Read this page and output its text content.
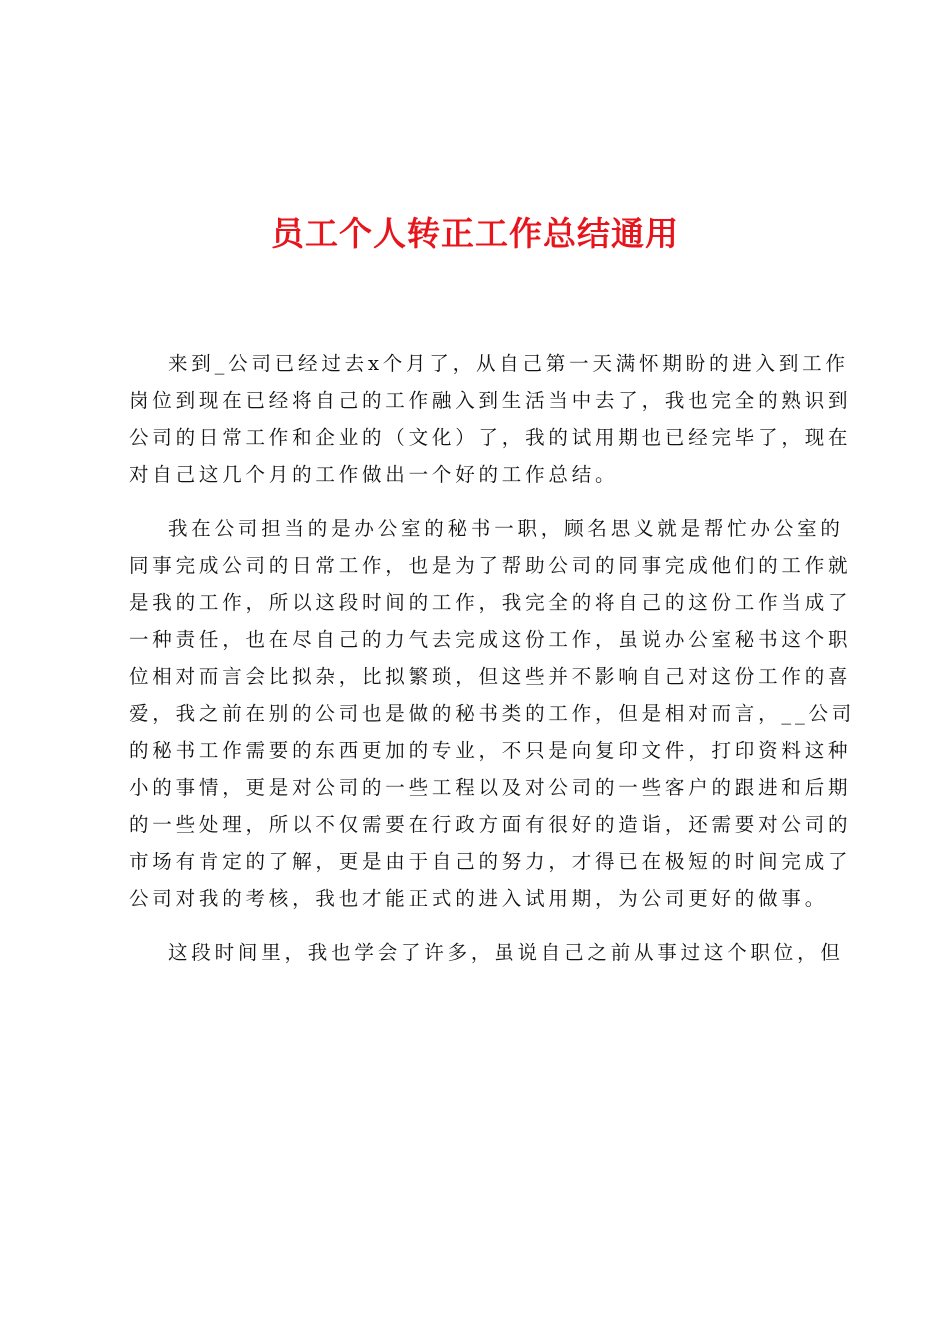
员工个人转正工作总结通用

来到_公司已经过去x个月了，从自己第一天满怀期盼的进入到工作
岗位到现在已经将自己的工作融入到生活当中去了，我也完全的熟识到
公司的日常工作和企业的（文化）了，我的试用期也已经完毕了，现在
对自己这几个月的工作做出一个好的工作总结。

我在公司担当的是办公室的秘书一职，顾名思义就是帮忙办公室的
同事完成公司的日常工作，也是为了帮助公司的同事完成他们的工作就
是我的工作，所以这段时间的工作，我完全的将自己的这份工作当成了
一种责任，也在尽自己的力气去完成这份工作，虽说办公室秘书这个职
位相对而言会比拟杂，比拟繁琐，但这些并不影响自己对这份工作的喜
爱，我之前在别的公司也是做的秘书类的工作，但是相对而言，__公司
的秘书工作需要的东西更加的专业，不只是向复印文件，打印资料这种
小的事情，更是对公司的一些工程以及对公司的一些客户的跟进和后期
的一些处理，所以不仅需要在行政方面有很好的造诣，还需要对公司的
市场有肯定的了解，更是由于自己的努力，才得已在极短的时间完成了
公司对我的考核，我也才能正式的进入试用期，为公司更好的做事。

这段时间里，我也学会了许多，虽说自己之前从事过这个职位，但
